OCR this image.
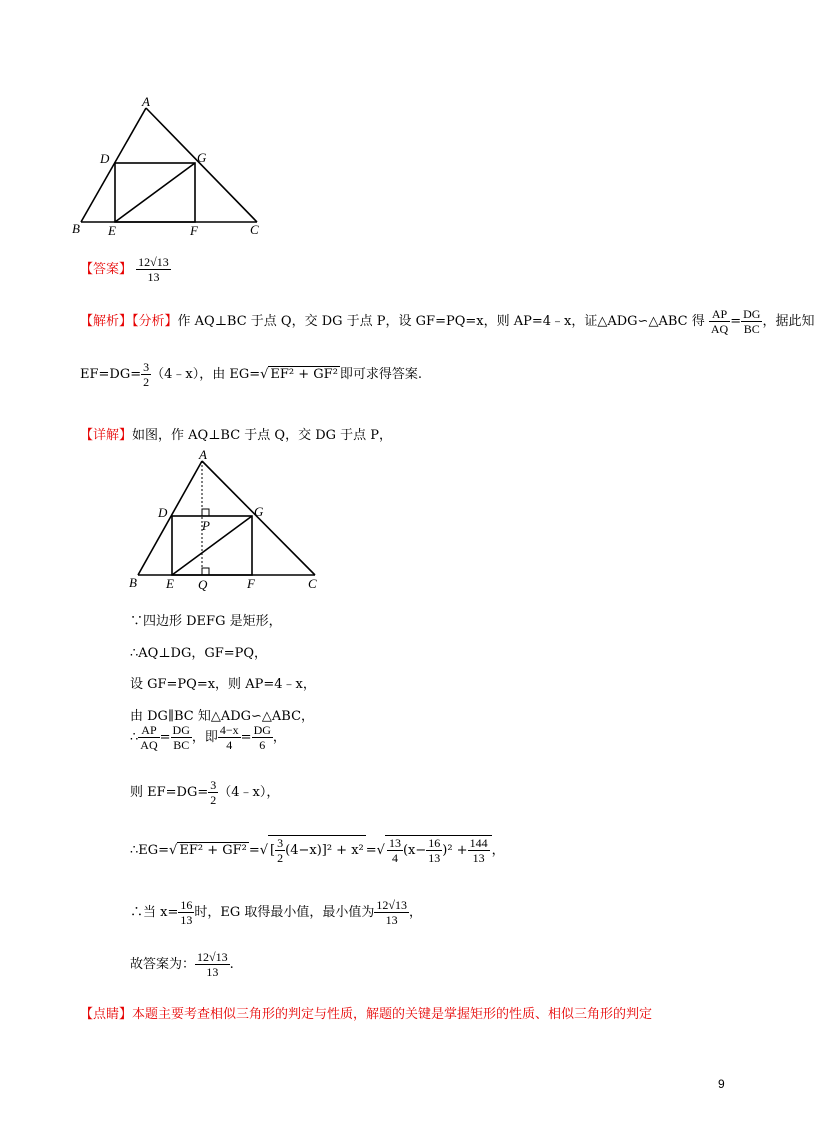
A
B	C
D
E	F
G
【答案】 $\frac{12√13}{13}$
【解析】【分析】作 AQ⊥BC 于点 Q，交 DG 于点 P，设 GF=PQ=x，则 AP=4﹣x，证△ADG∽△ABC 得 $\frac{AP}{AQ} = \frac{DG}{BC}$ ，据此知
$EF=DG= \frac{3}{2}$ （4﹣x），由 EG=√ EF² + GF² 即可求得答案.
【详解】如图，作 AQ⊥BC 于点 Q，交 DG 于点 P，
A
B	C
D
E	F
G
P
Q
∵四边形 DEFG 是矩形，
∴AQ⊥DG，GF=PQ，
设 GF=PQ=x，则 AP=4﹣x，
由 DG∥BC 知△ADG∽△ABC，
∴ $\frac{AP}{AQ} = \frac{DG}{BC}$ ，即 $\frac{4-x}{4} = \frac{DG}{6}$ ，
则 $EF=DG= \frac{3}{2}$ （4﹣x），
∴EG=√ EF² + GF² =√ [ $\frac{3}{2} (4-x)]^2 + x^2$ =√ $\frac{13}{4} (x- \frac{16}{13} )^2 + \frac{144}{13}$ ，
∴当 $x= \frac{16}{13}$ 时，EG 取得最小值，最小值为 $\frac{12√13}{13}$ ，
故答案为： $\frac{12√13}{13}$ .
【点睛】本题主要考查相似三角形的判定与性质，解题的关键是掌握矩形的性质、相似三角形的判定
9
